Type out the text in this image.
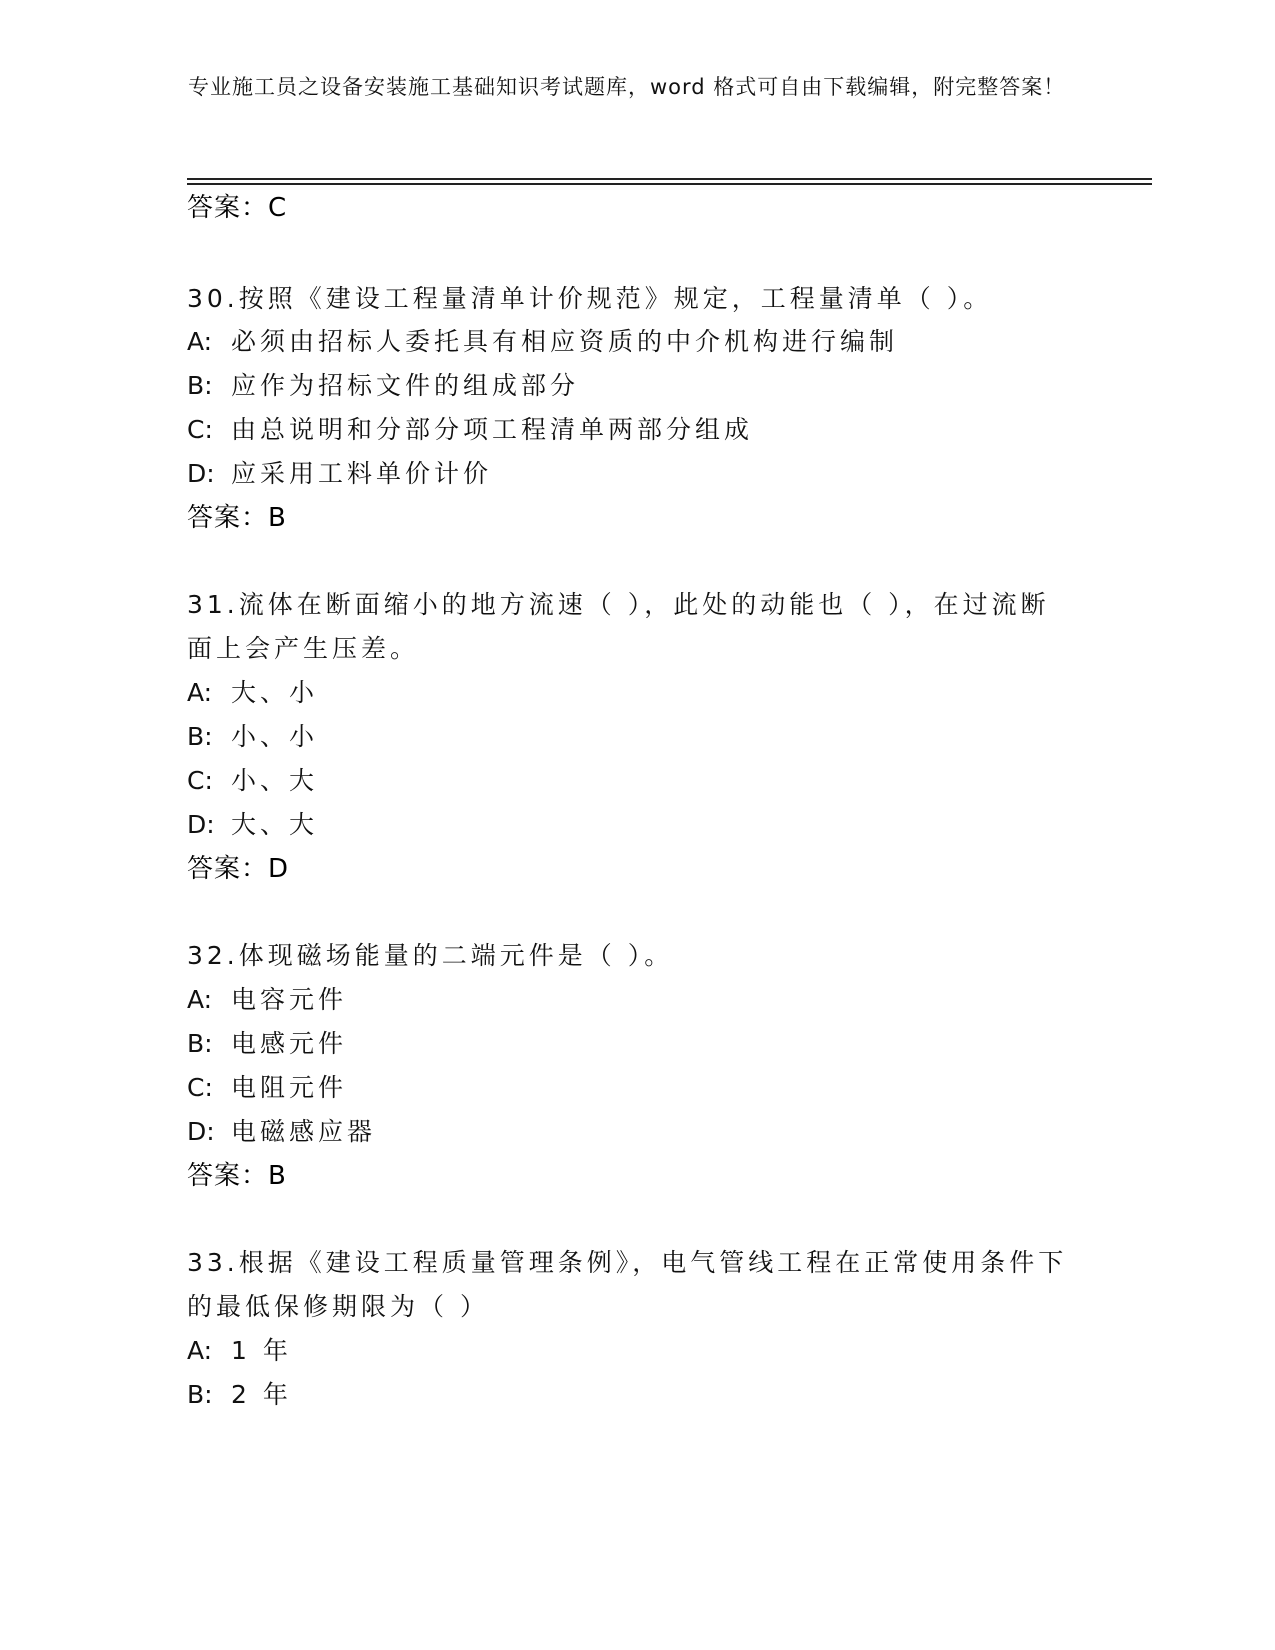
专业施工员之设备安装施工基础知识考试题库，word 格式可自由下载编辑，附完整答案！
答案：C
30.按照《建设工程量清单计价规范》规定，工程量清单（ ）。
A: 必须由招标人委托具有相应资质的中介机构进行编制
B: 应作为招标文件的组成部分
C: 由总说明和分部分项工程清单两部分组成
D: 应采用工料单价计价
答案：B
31.流体在断面缩小的地方流速（ ），此处的动能也（ ），在过流断
面上会产生压差。
A: 大、小
B: 小、小
C: 小、大
D: 大、大
答案：D
32.体现磁场能量的二端元件是（ ）。
A: 电容元件
B: 电感元件
C: 电阻元件
D: 电磁感应器
答案：B
33.根据《建设工程质量管理条例》，电气管线工程在正常使用条件下
的最低保修期限为（ ）
A: 1 年
B: 2 年
